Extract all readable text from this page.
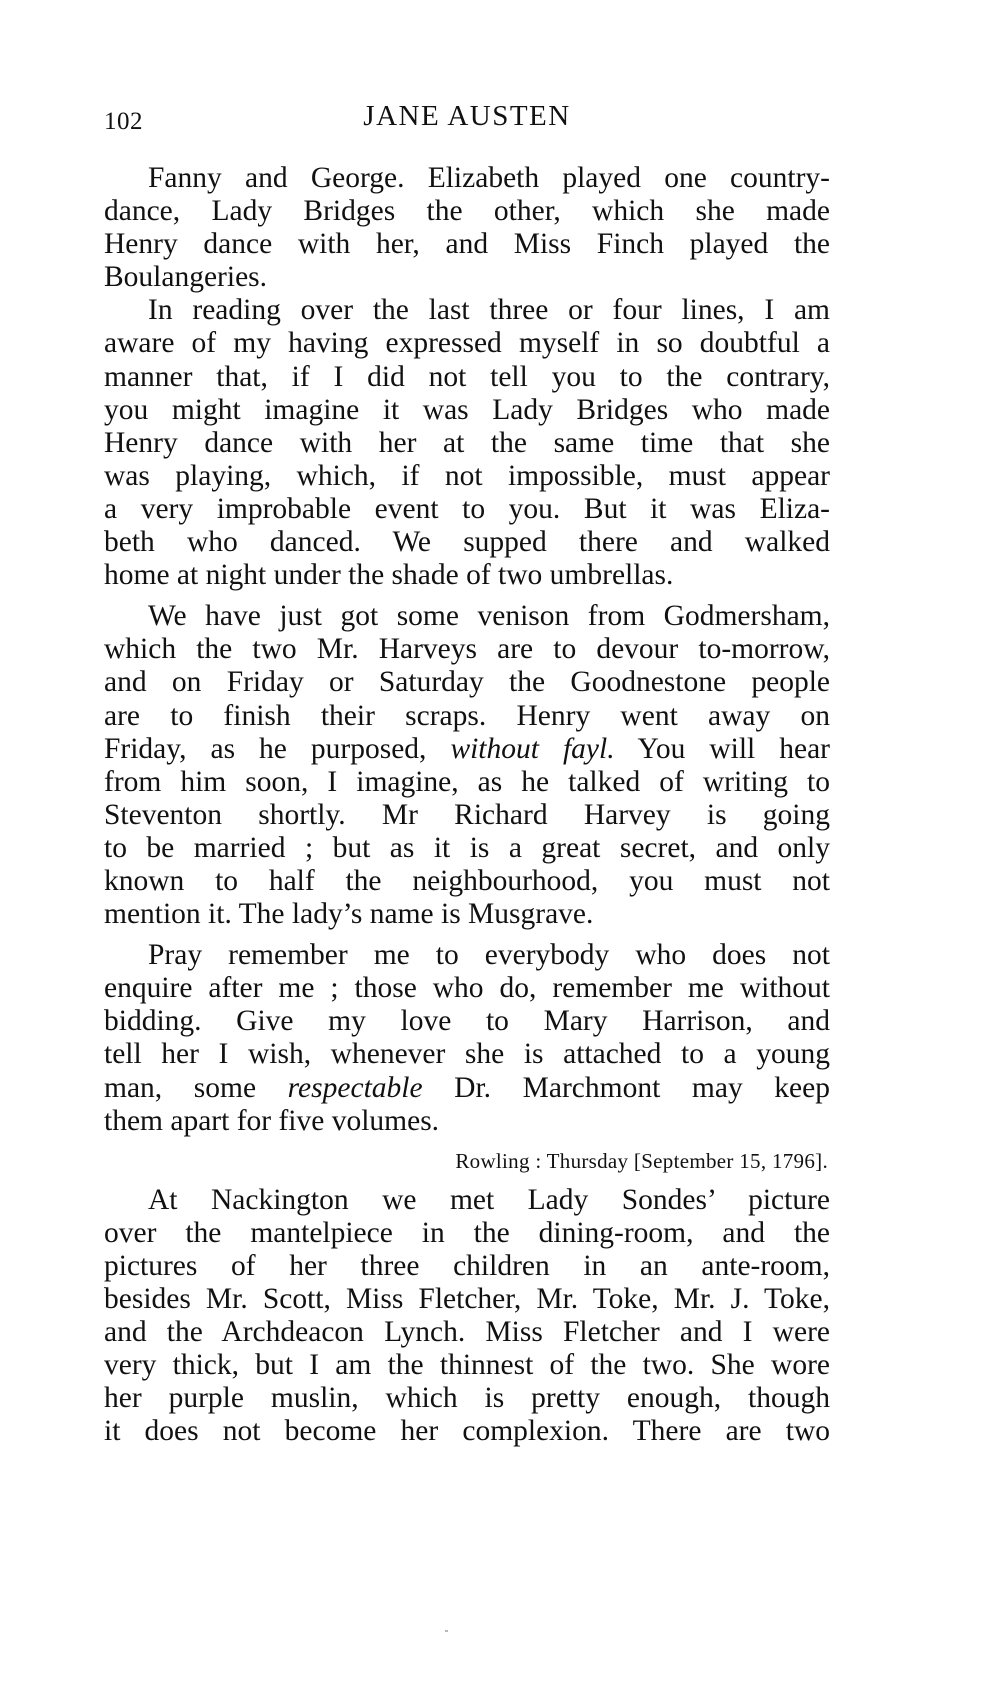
102	JANE AUSTEN
Fanny and George. Elizabeth played one country-
dance, Lady Bridges the other, which she made
Henry dance with her, and Miss Finch played the
Boulangeries.
In reading over the last three or four lines, I am
aware of my having expressed myself in so doubtful a
manner that, if I did not tell you to the contrary,
you might imagine it was Lady Bridges who made
Henry dance with her at the same time that she
was playing, which, if not impossible, must appear
a very improbable event to you. But it was Eliza-
beth who danced. We supped there and walked
home at night under the shade of two umbrellas.
We have just got some venison from Godmersham,
which the two Mr. Harveys are to devour to-morrow,
and on Friday or Saturday the Goodnestone people
are to finish their scraps. Henry went away on
Friday, as he purposed, without fayl. You will hear
from him soon, I imagine, as he talked of writing to
Steventon shortly. Mr Richard Harvey is going
to be married ; but as it is a great secret, and only
known to half the neighbourhood, you must not
mention it. The lady’s name is Musgrave.
Pray remember me to everybody who does not
enquire after me ; those who do, remember me without
bidding. Give my love to Mary Harrison, and
tell her I wish, whenever she is attached to a young
man, some respectable Dr. Marchmont may keep
them apart for five volumes.
Rowling : Thursday [September 15, 1796].
At Nackington we met Lady Sondes’ picture
over the mantelpiece in the dining-room, and the
pictures of her three children in an ante-room,
besides Mr. Scott, Miss Fletcher, Mr. Toke, Mr. J. Toke,
and the Archdeacon Lynch. Miss Fletcher and I were
very thick, but I am the thinnest of the two. She wore
her purple muslin, which is pretty enough, though
it does not become her complexion. There are two
